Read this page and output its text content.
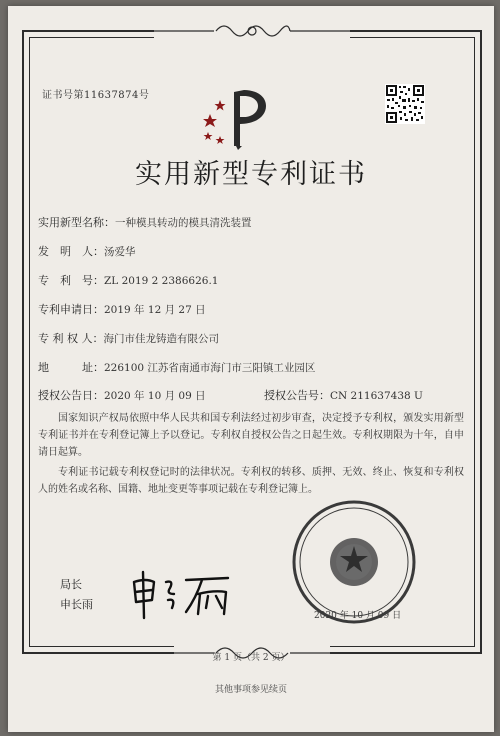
证书号第11637874号
实用新型专利证书
实用新型名称：一种模具转动的模具清洗装置
发　明　人：汤爱华
专　利　号：ZL 2019 2 2386626.1
专利申请日：2019 年 12 月 27 日
专 利 权 人：海门市佳龙铸造有限公司
地　　　址：226100 江苏省南通市海门市三阳镇工业园区
授权公告日：2020 年 10 月 09 日	授权公告号：CN 211637438 U
国家知识产权局依照中华人民共和国专利法经过初步审查，决定授予专利权，颁发实用新型专利证书并在专利登记簿上予以登记。专利权自授权公告之日起生效。专利权期限为十年，自申请日起算。
专利证书记载专利权登记时的法律状况。专利权的转移、质押、无效、终止、恢复和专利权人的姓名或名称、国籍、地址变更等事项记载在专利登记簿上。
局长
申长雨
2020 年 10 月 09 日
第 1 页（共 2 页）
其他事项参见续页
